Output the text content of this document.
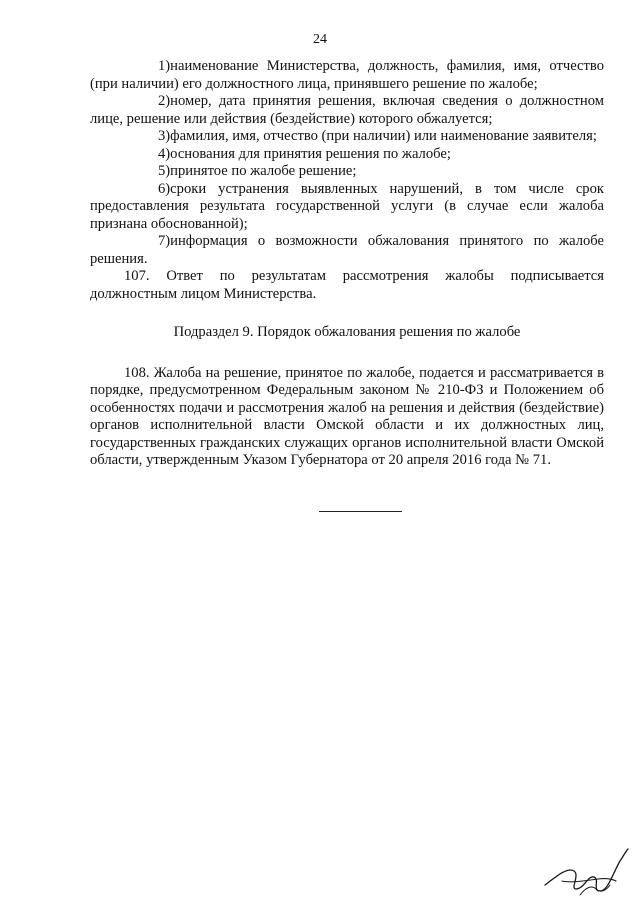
24

1)наименование Министерства, должность, фамилия, имя, отчество (при наличии) его должностного лица, принявшего решение по жалобе;

2)номер, дата принятия решения, включая сведения о должностном лице, решение или действия (бездействие) которого обжалуется;

3)фамилия, имя, отчество (при наличии) или наименование заявителя;

4)основания для принятия решения по жалобе;

5)принятое по жалобе решение;

6)сроки устранения выявленных нарушений, в том числе срок предоставления результата государственной услуги (в случае если жалоба признана обоснованной);

7)информация о возможности обжалования принятого по жалобе решения.

107. Ответ по результатам рассмотрения жалобы подписывается должностным лицом Министерства.

Подраздел 9. Порядок обжалования решения по жалобе

108. Жалоба на решение, принятое по жалобе, подается и рассматривается в порядке, предусмотренном Федеральным законом № 210-ФЗ и Положением об особенностях подачи и рассмотрения жалоб на решения и действия (бездействие) органов исполнительной власти Омской области и их должностных лиц, государственных гражданских служащих органов исполнительной власти Омской области, утвержденным Указом Губернатора от 20 апреля 2016 года № 71.
